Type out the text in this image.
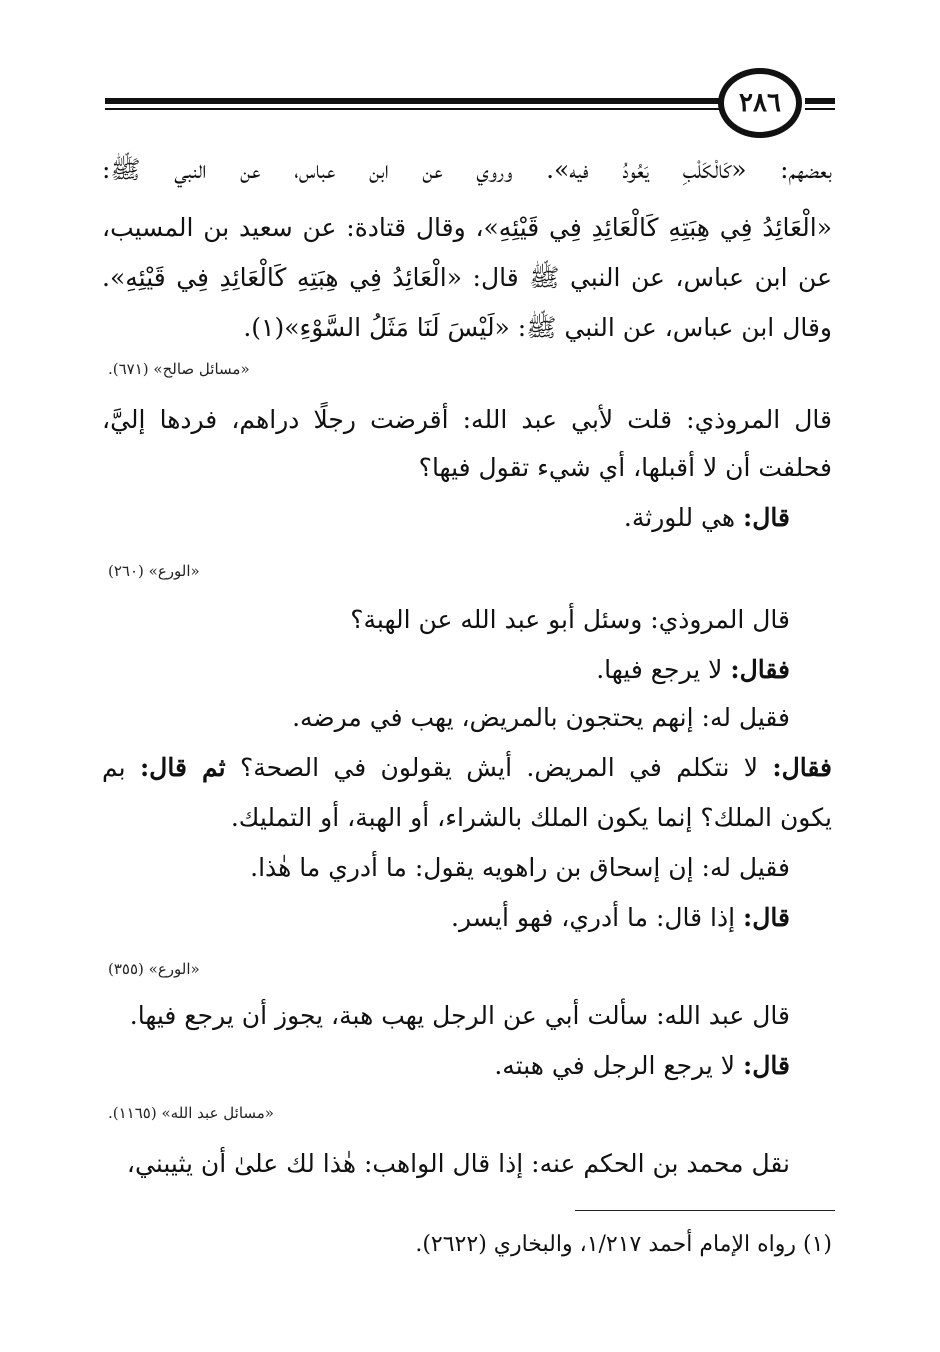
٢٨٦
بعضهم: «كَالْكَلْبِ يَعُودُ فيه». وروي عن ابن عباس، عن النبي ﷺ:
«الْعَائِدُ فِي هِبَتِهِ كَالْعَائِدِ فِي قَيْئِهِ»، وقال قتادة: عن سعيد بن المسيب،
عن ابن عباس، عن النبي ﷺ قال: «الْعَائِدُ فِي هِبَتِهِ كَالْعَائِدِ فِي قَيْئِهِ».
وقال ابن عباس، عن النبي ﷺ: «لَيْسَ لَنَا مَثَلُ السَّوْءِ»(١).
«مسائل صالح» (٦٧١).
قال المروذي: قلت لأبي عبد الله: أقرضت رجلًا دراهم، فردها إليَّ،
فحلفت أن لا أقبلها، أي شيء تقول فيها؟
قال: هي للورثة.
«الورع» (٢٦٠)
قال المروذي: وسئل أبو عبد الله عن الهبة؟
فقال: لا يرجع فيها.
فقيل له: إنهم يحتجون بالمريض، يهب في مرضه.
فقال: لا نتكلم في المريض. أيش يقولون في الصحة؟ ثم قال: بم
يكون الملك؟ إنما يكون الملك بالشراء، أو الهبة، أو التمليك.
فقيل له: إن إسحاق بن راهويه يقول: ما أدري ما هٰذا.
قال: إذا قال: ما أدري، فهو أيسر.
«الورع» (٣٥٥)
قال عبد الله: سألت أبي عن الرجل يهب هبة، يجوز أن يرجع فيها.
قال: لا يرجع الرجل في هبته.
«مسائل عبد الله» (١١٦٥).
نقل محمد بن الحكم عنه: إذا قال الواهب: هٰذا لك علىٰ أن يثيبني،
(١) رواه الإمام أحمد ١/٢١٧، والبخاري (٢٦٢٢).
